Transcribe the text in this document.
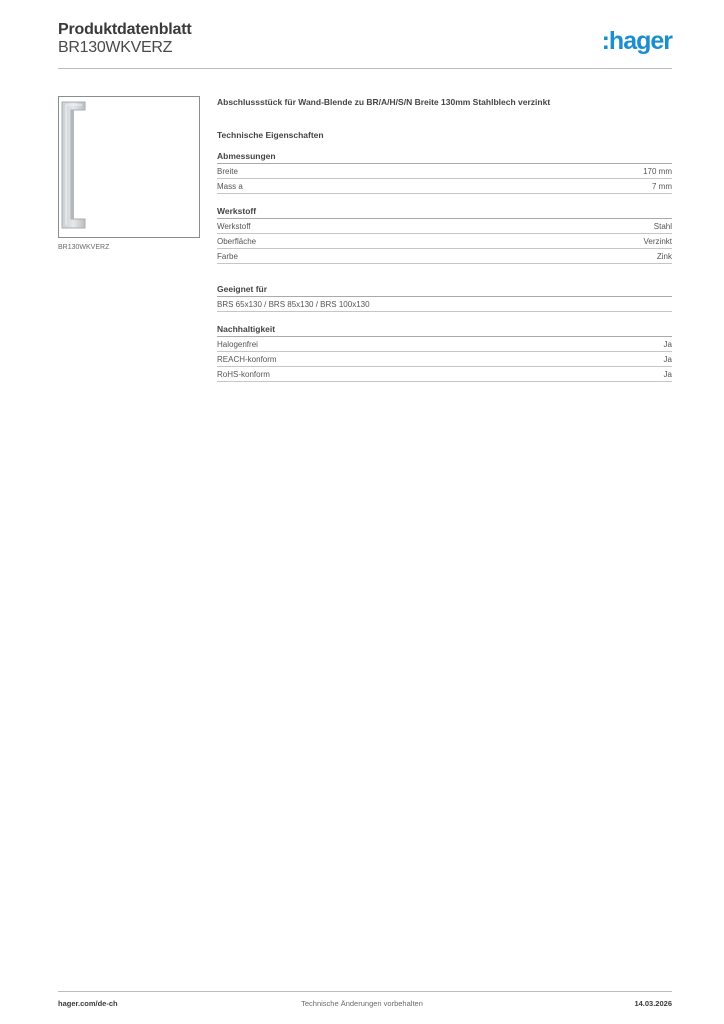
Produktdatenblatt
BR130WKVERZ	:hager
BR130WKVERZ
Abschlussstück für Wand-Blende zu BR/A/H/S/N Breite 130mm Stahlblech verzinkt
Technische Eigenschaften
Abmessungen
Breite	170 mm
Mass a	7 mm
Werkstoff
Werkstoff	Stahl
Oberfläche	Verzinkt
Farbe	Zink
Geeignet für
BRS 65x130 / BRS 85x130 / BRS 100x130
Nachhaltigkeit
Halogenfrei	Ja
REACH-konform	Ja
RoHS-konform	Ja
hager.com/de-ch	Technische Änderungen vorbehalten	14.03.2026
